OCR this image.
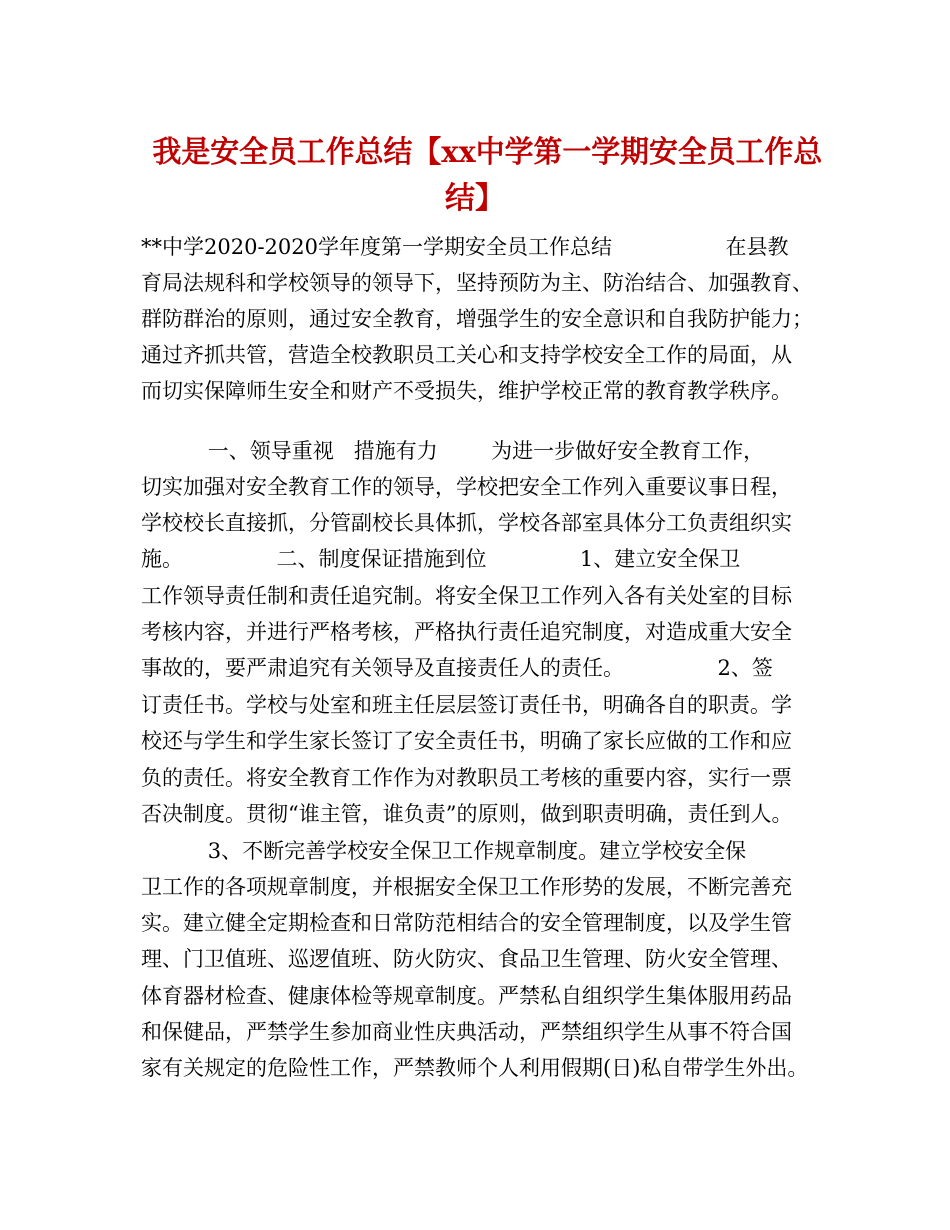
我是安全员工作总结【xx中学第一学期安全员工作总
结】
**中学2020-2020学年度第一学期安全员工作总结                 在县教
育局法规科和学校领导的领导下，坚持预防为主、防治结合、加强教育、
群防群治的原则，通过安全教育，增强学生的安全意识和自我防护能力；
通过齐抓共管，营造全校教职员工关心和支持学校安全工作的局面，从
而切实保障师生安全和财产不受损失，维护学校正常的教育教学秩序。
一、领导重视   措施有力        为进一步做好安全教育工作，
切实加强对安全教育工作的领导，学校把安全工作列入重要议事日程，
学校校长直接抓，分管副校长具体抓，学校各部室具体分工负责组织实
施。              二、制度保证措施到位              1、建立安全保卫
工作领导责任制和责任追究制。将安全保卫工作列入各有关处室的目标
考核内容，并进行严格考核，严格执行责任追究制度，对造成重大安全
事故的，要严肃追究有关领导及直接责任人的责任。              2、签
订责任书。学校与处室和班主任层层签订责任书，明确各自的职责。学
校还与学生和学生家长签订了安全责任书，明确了家长应做的工作和应
负的责任。将安全教育工作作为对教职员工考核的重要内容，实行一票
否决制度。贯彻“谁主管，谁负责”的原则，做到职责明确，责任到人。
3、不断完善学校安全保卫工作规章制度。建立学校安全保
卫工作的各项规章制度，并根据安全保卫工作形势的发展，不断完善充
实。建立健全定期检查和日常防范相结合的安全管理制度，以及学生管
理、门卫值班、巡逻值班、防火防灾、食品卫生管理、防火安全管理、
体育器材检查、健康体检等规章制度。严禁私自组织学生集体服用药品
和保健品，严禁学生参加商业性庆典活动，严禁组织学生从事不符合国
家有关规定的危险性工作，严禁教师个人利用假期(日)私自带学生外出。
